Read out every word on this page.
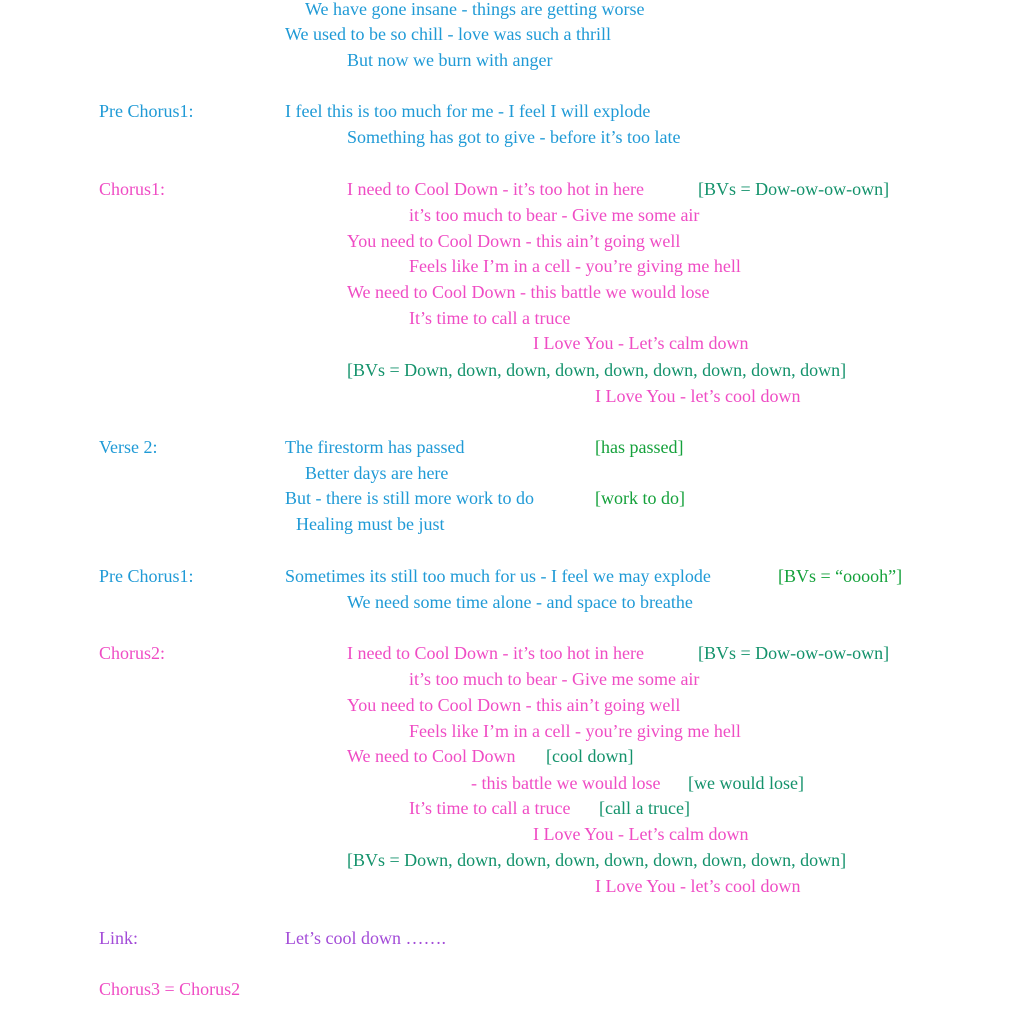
We have gone insane - things are getting worse
We used to be so chill - love was such a thrill
But now we burn with anger
Pre Chorus1:	I feel this is too much for me - I feel I will explode
Something has got to give - before it’s too late
Chorus1:	I need to Cool Down - it’s too hot in here	[BVs = Dow-ow-ow-own]
it’s too much to bear - Give me some air
You need to Cool Down - this ain’t going well
Feels like I’m in a cell - you’re giving me hell
We need to Cool Down - this battle we would lose
It’s time to call a truce
I Love You - Let’s calm down
[BVs = Down, down, down, down, down, down, down, down, down]
I Love You - let’s cool down
Verse 2:	The firestorm has passed	[has passed]
Better days are here
But - there is still more work to do	[work to do]
Healing must be just
Pre Chorus1:	Sometimes its still too much for us - I feel we may explode	[BVs = “ooooh”]
We need some time alone - and space to breathe
Chorus2:	I need to Cool Down - it’s too hot in here	[BVs = Dow-ow-ow-own]
it’s too much to bear - Give me some air
You need to Cool Down - this ain’t going well
Feels like I’m in a cell - you’re giving me hell
We need to Cool Down [cool down]
- this battle we would lose [we would lose]
It’s time to call a truce [call a truce]
I Love You - Let’s calm down
[BVs = Down, down, down, down, down, down, down, down, down]
I Love You - let’s cool down
Link:	Let’s cool down …….
Chorus3 = Chorus2
